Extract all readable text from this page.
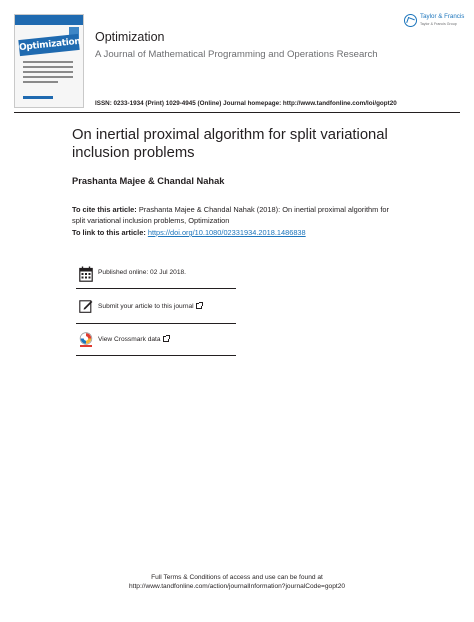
Optimization Optimization
A Journal of Mathematical Programming and Operations Research
Taylor & Francis
Taylor & Francis Group
ISSN: 0233-1934 (Print) 1029-4945 (Online) Journal homepage: http://www.tandfonline.com/loi/gopt20
On inertial proximal algorithm for split variational inclusion problems
Prashanta Majee & Chandal Nahak
To cite this article: Prashanta Majee & Chandal Nahak (2018): On inertial proximal algorithm for split variational inclusion problems, Optimization
To link to this article: https://doi.org/10.1080/02331934.2018.1486838
Published online: 02 Jul 2018.
Submit your article to this journal
View Crossmark data
Full Terms & Conditions of access and use can be found at
http://www.tandfonline.com/action/journalInformation?journalCode=gopt20
